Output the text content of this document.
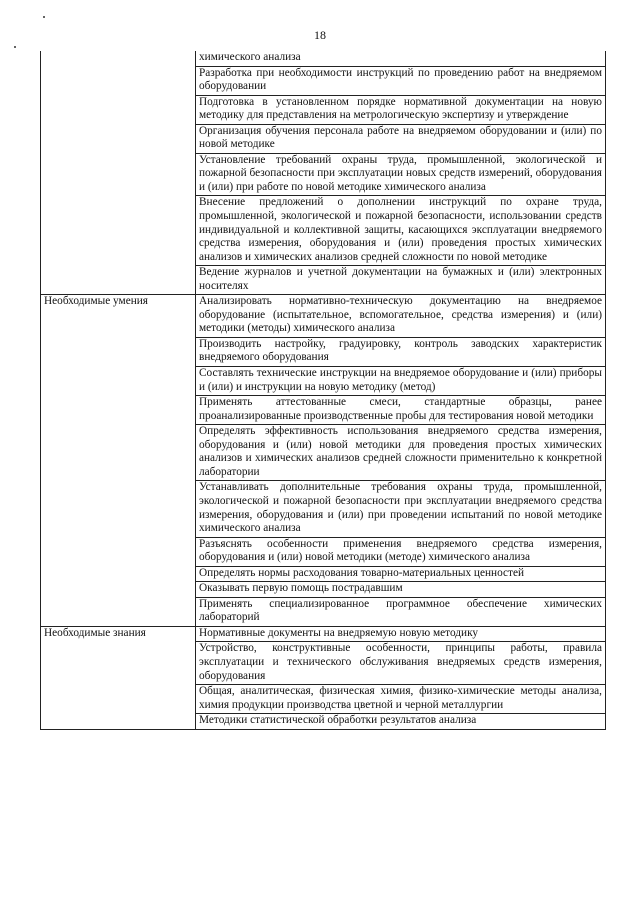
18
	химического анализа
	Разработка при необходимости инструкций по проведению работ на внедряемом оборудовании
	Подготовка в установленном порядке нормативной документации на новую методику для представления на метрологическую экспертизу и утверждение
	Организация обучения персонала работе на внедряемом оборудовании и (или) по новой методике
	Установление требований охраны труда, промышленной, экологической и пожарной безопасности при эксплуатации новых средств измерений, оборудования и (или) при работе по новой методике химического анализа
	Внесение предложений о дополнении инструкций по охране труда, промышленной, экологической и пожарной безопасности, использовании средств индивидуальной и коллективной защиты, касающихся эксплуатации внедряемого средства измерения, оборудования и (или) проведения простых химических анализов и химических анализов средней сложности по новой методике
	Ведение журналов и учетной документации на бумажных и (или) электронных носителях
Необходимые умения	Анализировать нормативно-техническую документацию на внедряемое оборудование (испытательное, вспомогательное, средства измерения) и (или) методики (методы) химического анализа
	Производить настройку, градуировку, контроль заводских характеристик внедряемого оборудования
	Составлять технические инструкции на внедряемое оборудование и (или) приборы и (или) и инструкции на новую методику (метод)
	Применять аттестованные смеси, стандартные образцы, ранее проанализированные производственные пробы для тестирования новой методики
	Определять эффективность использования внедряемого средства измерения, оборудования и (или) новой методики для проведения простых химических анализов и химических анализов средней сложности применительно к конкретной лаборатории
	Устанавливать дополнительные требования охраны труда, промышленной, экологической и пожарной безопасности при эксплуатации внедряемого средства измерения, оборудования и (или) при проведении испытаний по новой методике химического анализа
	Разъяснять особенности применения внедряемого средства измерения, оборудования и (или) новой методики (методе) химического анализа
	Определять нормы расходования товарно-материальных ценностей
	Оказывать первую помощь пострадавшим
	Применять специализированное программное обеспечение химических лабораторий
Необходимые знания	Нормативные документы на внедряемую новую методику
	Устройство, конструктивные особенности, принципы работы, правила эксплуатации и технического обслуживания внедряемых средств измерения, оборудования
	Общая, аналитическая, физическая химия, физико-химические методы анализа, химия продукции производства цветной и черной металлургии
	Методики статистической обработки результатов анализа
